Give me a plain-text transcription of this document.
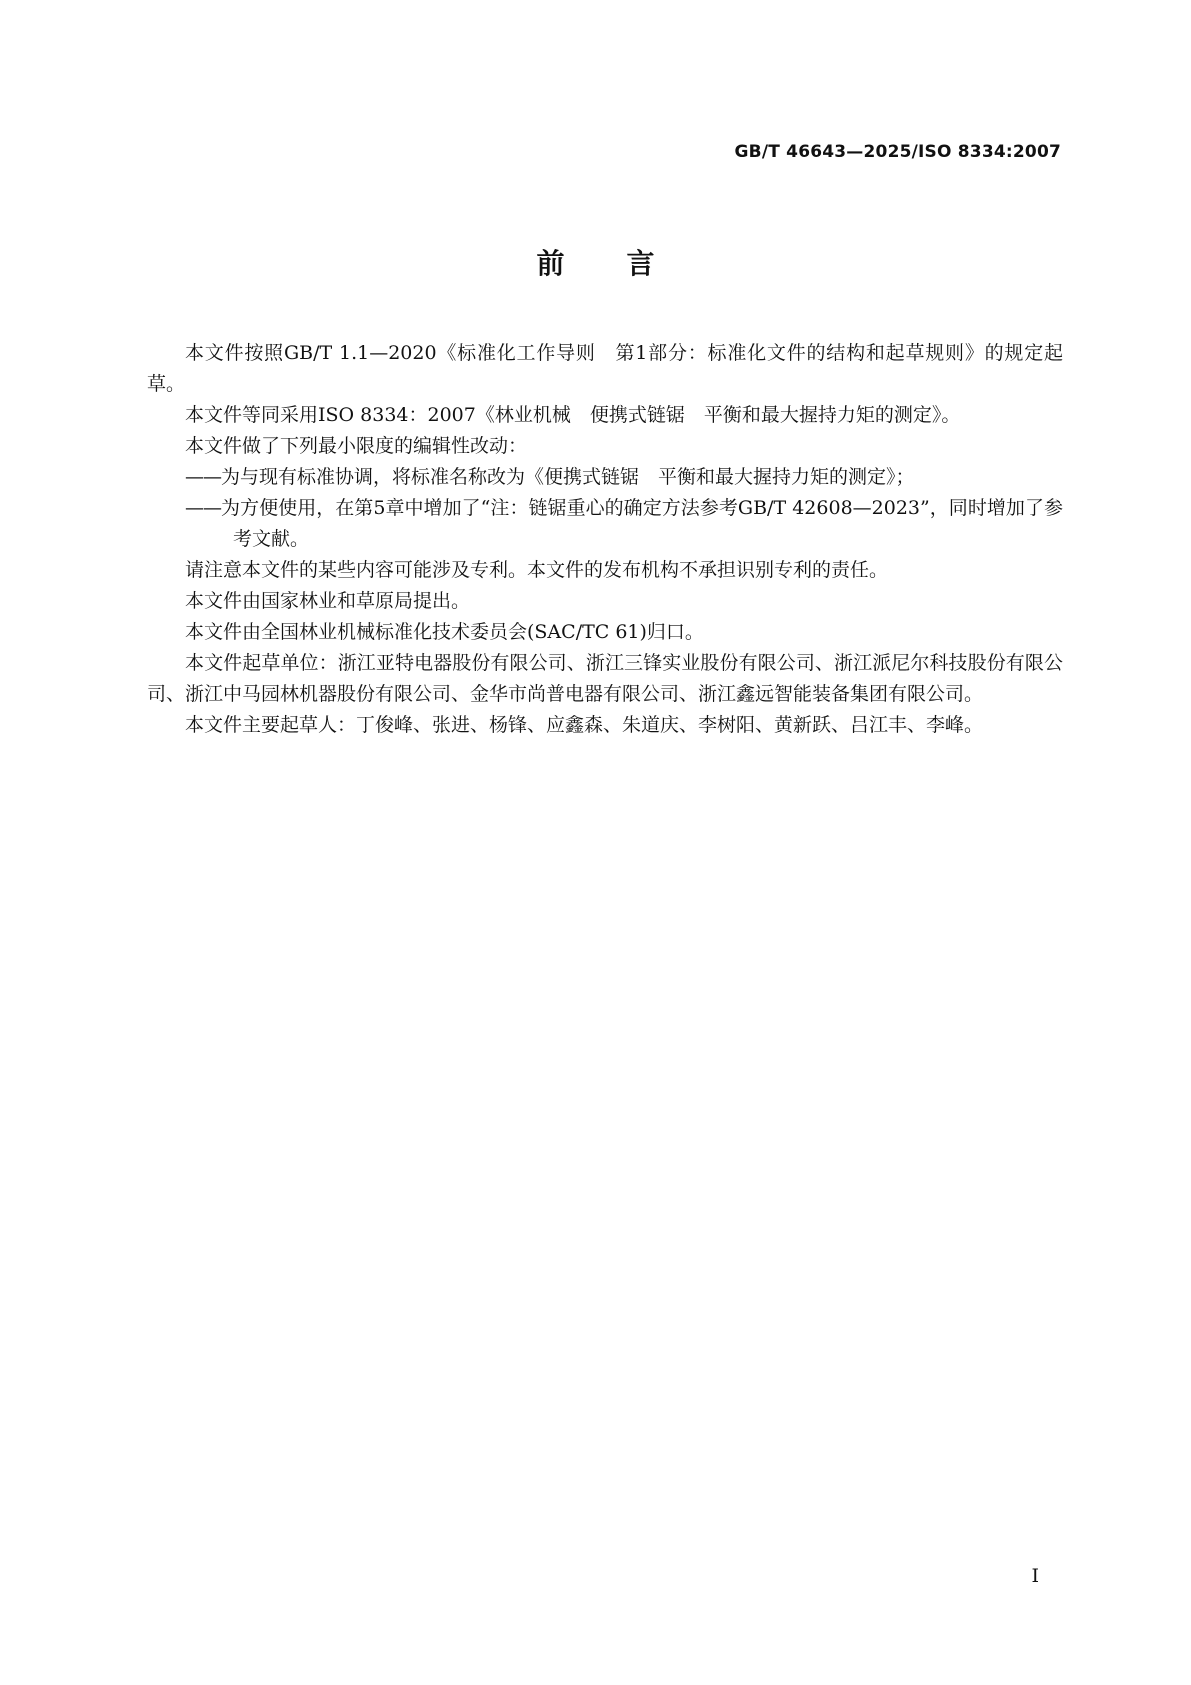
GB/T 46643—2025/ISO 8334:2007
前言

本文件按照GB/T 1.1—2020《标准化工作导则　第1部分：标准化文件的结构和起草规则》的规定起草。

本文件等同采用ISO 8334：2007《林业机械　便携式链锯　平衡和最大握持力矩的测定》。

本文件做了下列最小限度的编辑性改动：

——为与现有标准协调，将标准名称改为《便携式链锯　平衡和最大握持力矩的测定》；

——为方便使用，在第5章中增加了“注：链锯重心的确定方法参考GB/T 42608—2023”，同时增加了参考文献。

请注意本文件的某些内容可能涉及专利。本文件的发布机构不承担识别专利的责任。

本文件由国家林业和草原局提出。

本文件由全国林业机械标准化技术委员会(SAC/TC 61)归口。

本文件起草单位：浙江亚特电器股份有限公司、浙江三锋实业股份有限公司、浙江派尼尔科技股份有限公司、浙江中马园林机器股份有限公司、金华市尚普电器有限公司、浙江鑫远智能装备集团有限公司。

本文件主要起草人：丁俊峰、张进、杨锋、应鑫森、朱道庆、李树阳、黄新跃、吕江丰、李峰。

I
